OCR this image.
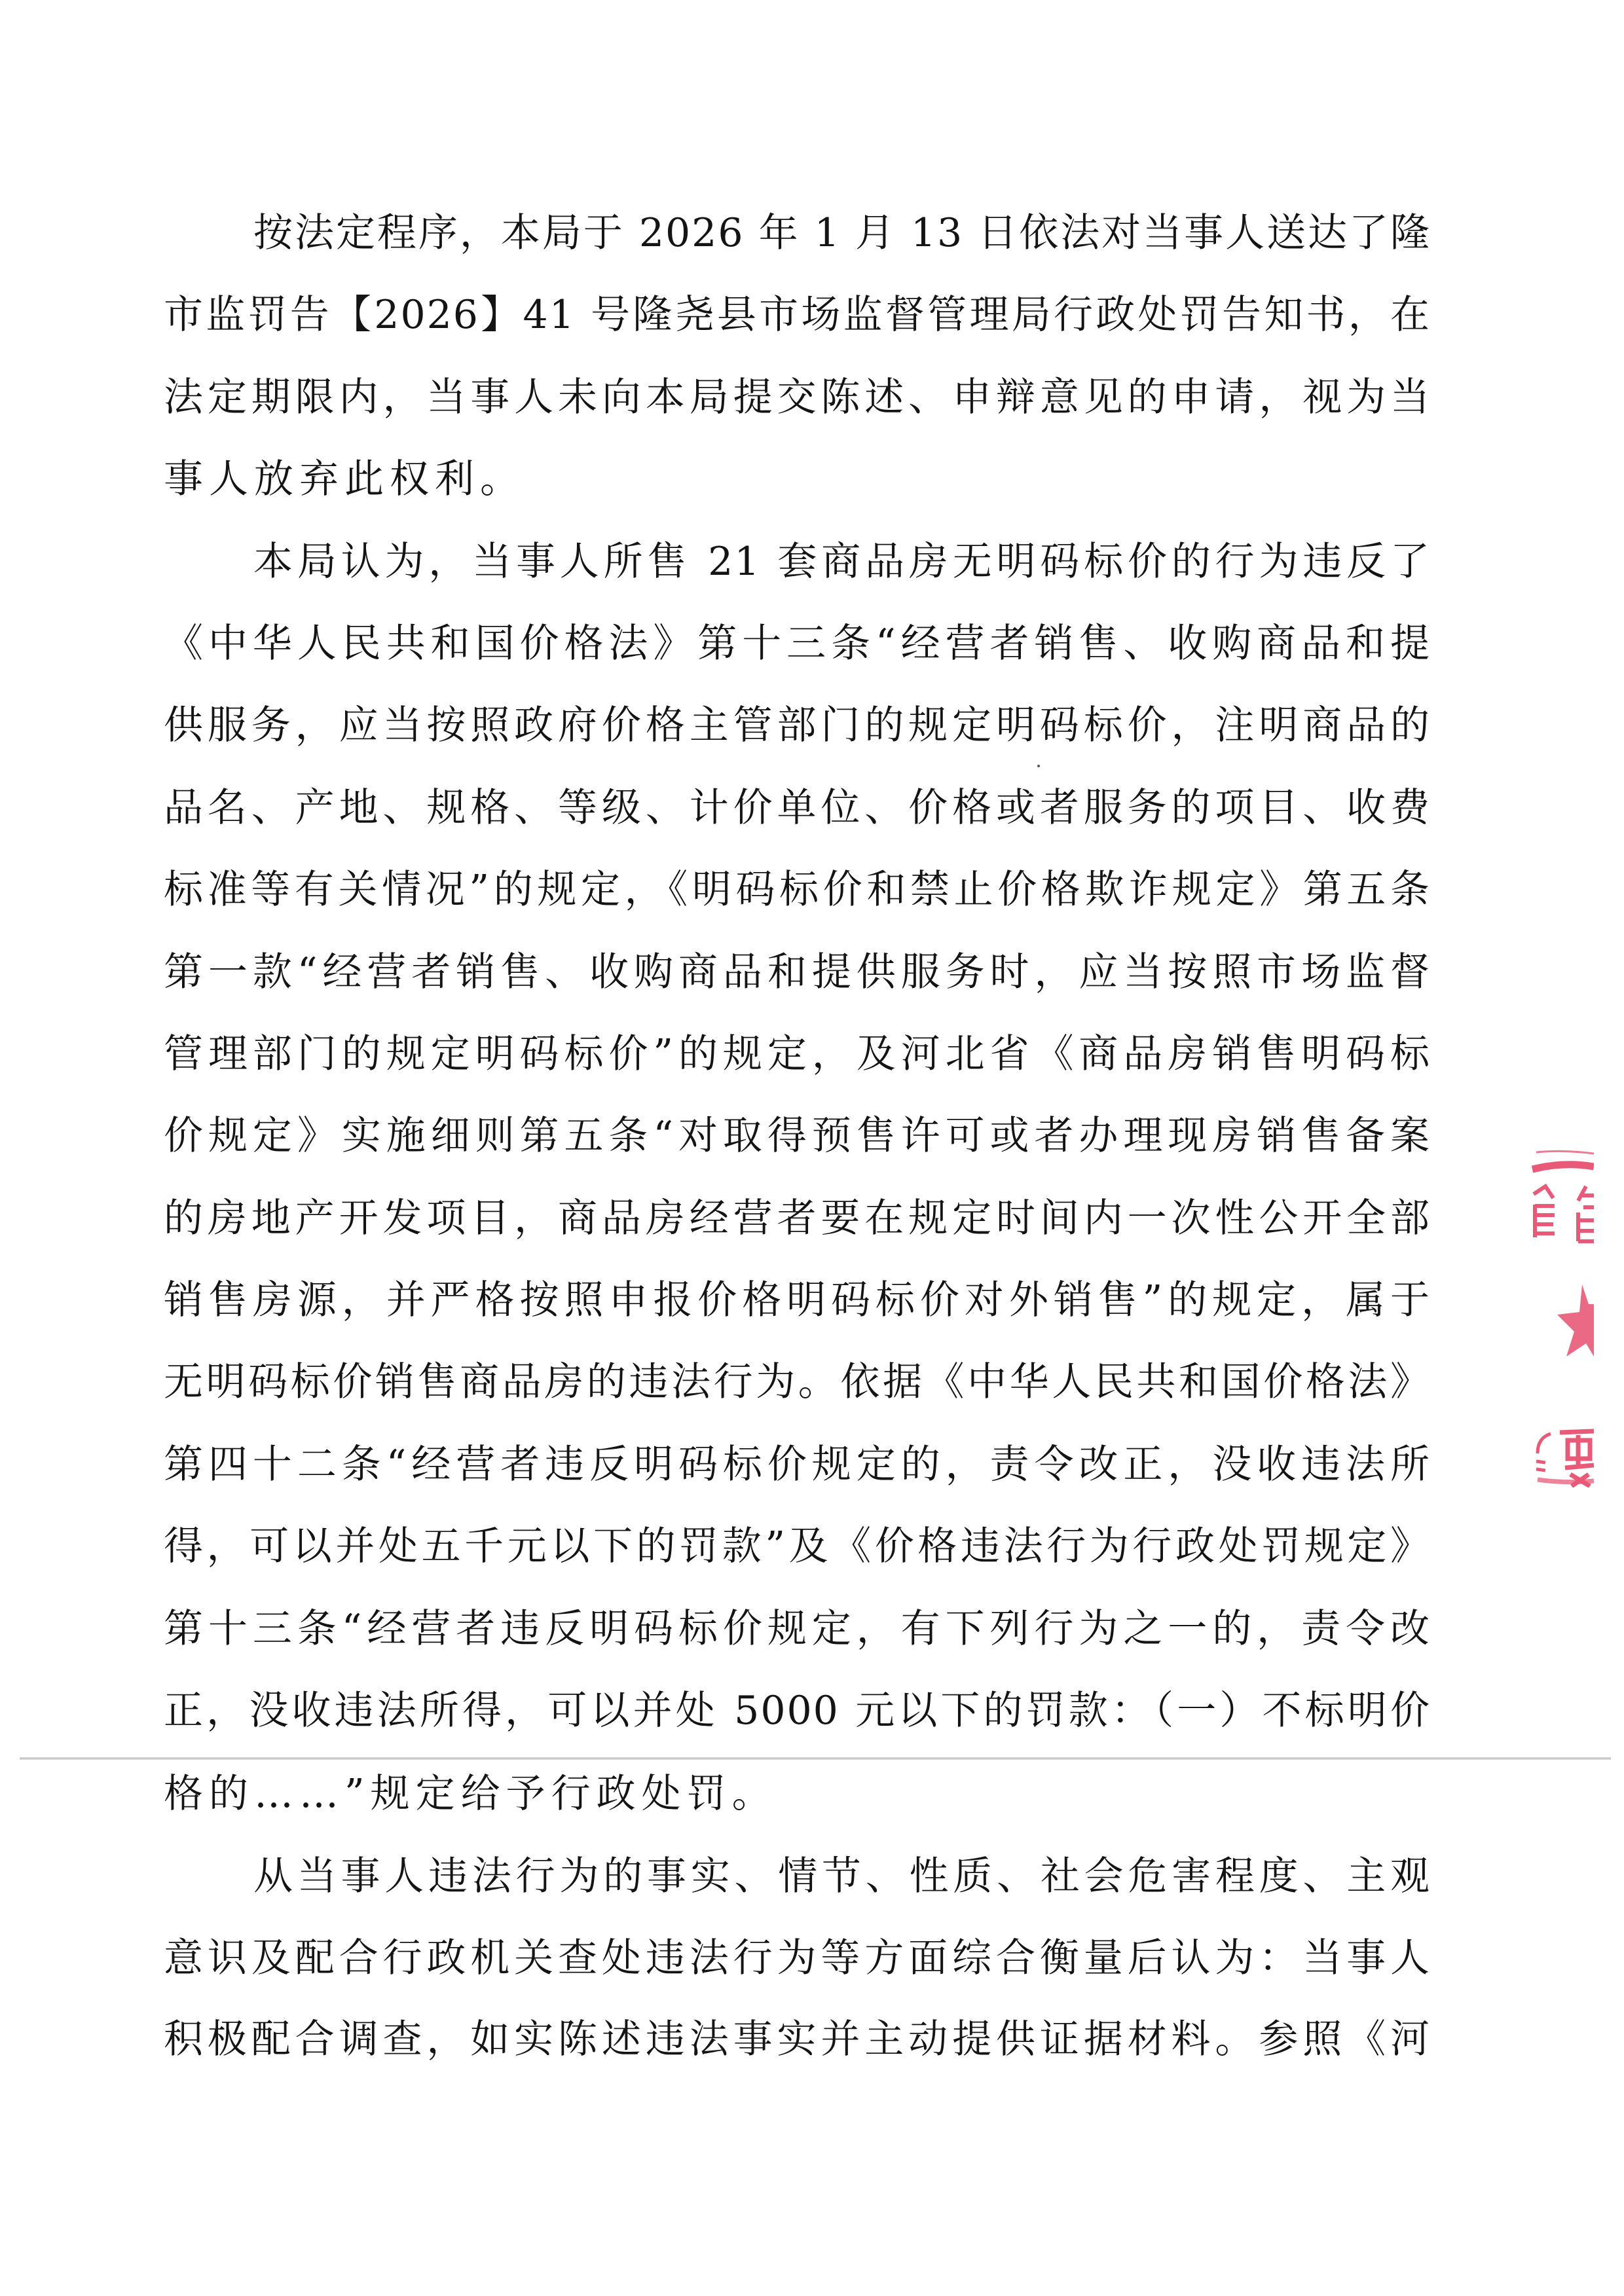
按法定程序，本局于 2026 年 1 月 13 日依法对当事人送达了隆
市监罚告【2026】41 号隆尧县市场监督管理局行政处罚告知书，在
法定期限内，当事人未向本局提交陈述、申辩意见的申请，视为当
事人放弃此权利。
本局认为，当事人所售 21 套商品房无明码标价的行为违反了
《中华人民共和国价格法》第十三条“经营者销售、收购商品和提
供服务，应当按照政府价格主管部门的规定明码标价，注明商品的
品名、产地、规格、等级、计价单位、价格或者服务的项目、收费
标准等有关情况”的规定，《明码标价和禁止价格欺诈规定》第五条
第一款“经营者销售、收购商品和提供服务时，应当按照市场监督
管理部门的规定明码标价”的规定，及河北省《商品房销售明码标
价规定》实施细则第五条“对取得预售许可或者办理现房销售备案
的房地产开发项目，商品房经营者要在规定时间内一次性公开全部
销售房源，并严格按照申报价格明码标价对外销售”的规定，属于
无明码标价销售商品房的违法行为。依据《中华人民共和国价格法》
第四十二条“经营者违反明码标价规定的，责令改正，没收违法所
得，可以并处五千元以下的罚款”及《价格违法行为行政处罚规定》
第十三条“经营者违反明码标价规定，有下列行为之一的，责令改
正，没收违法所得，可以并处 5000 元以下的罚款：（一）不标明价
格的……”规定给予行政处罚。
从当事人违法行为的事实、情节、性质、社会危害程度、主观
意识及配合行政机关查处违法行为等方面综合衡量后认为：当事人
积极配合调查，如实陈述违法事实并主动提供证据材料。参照《河
